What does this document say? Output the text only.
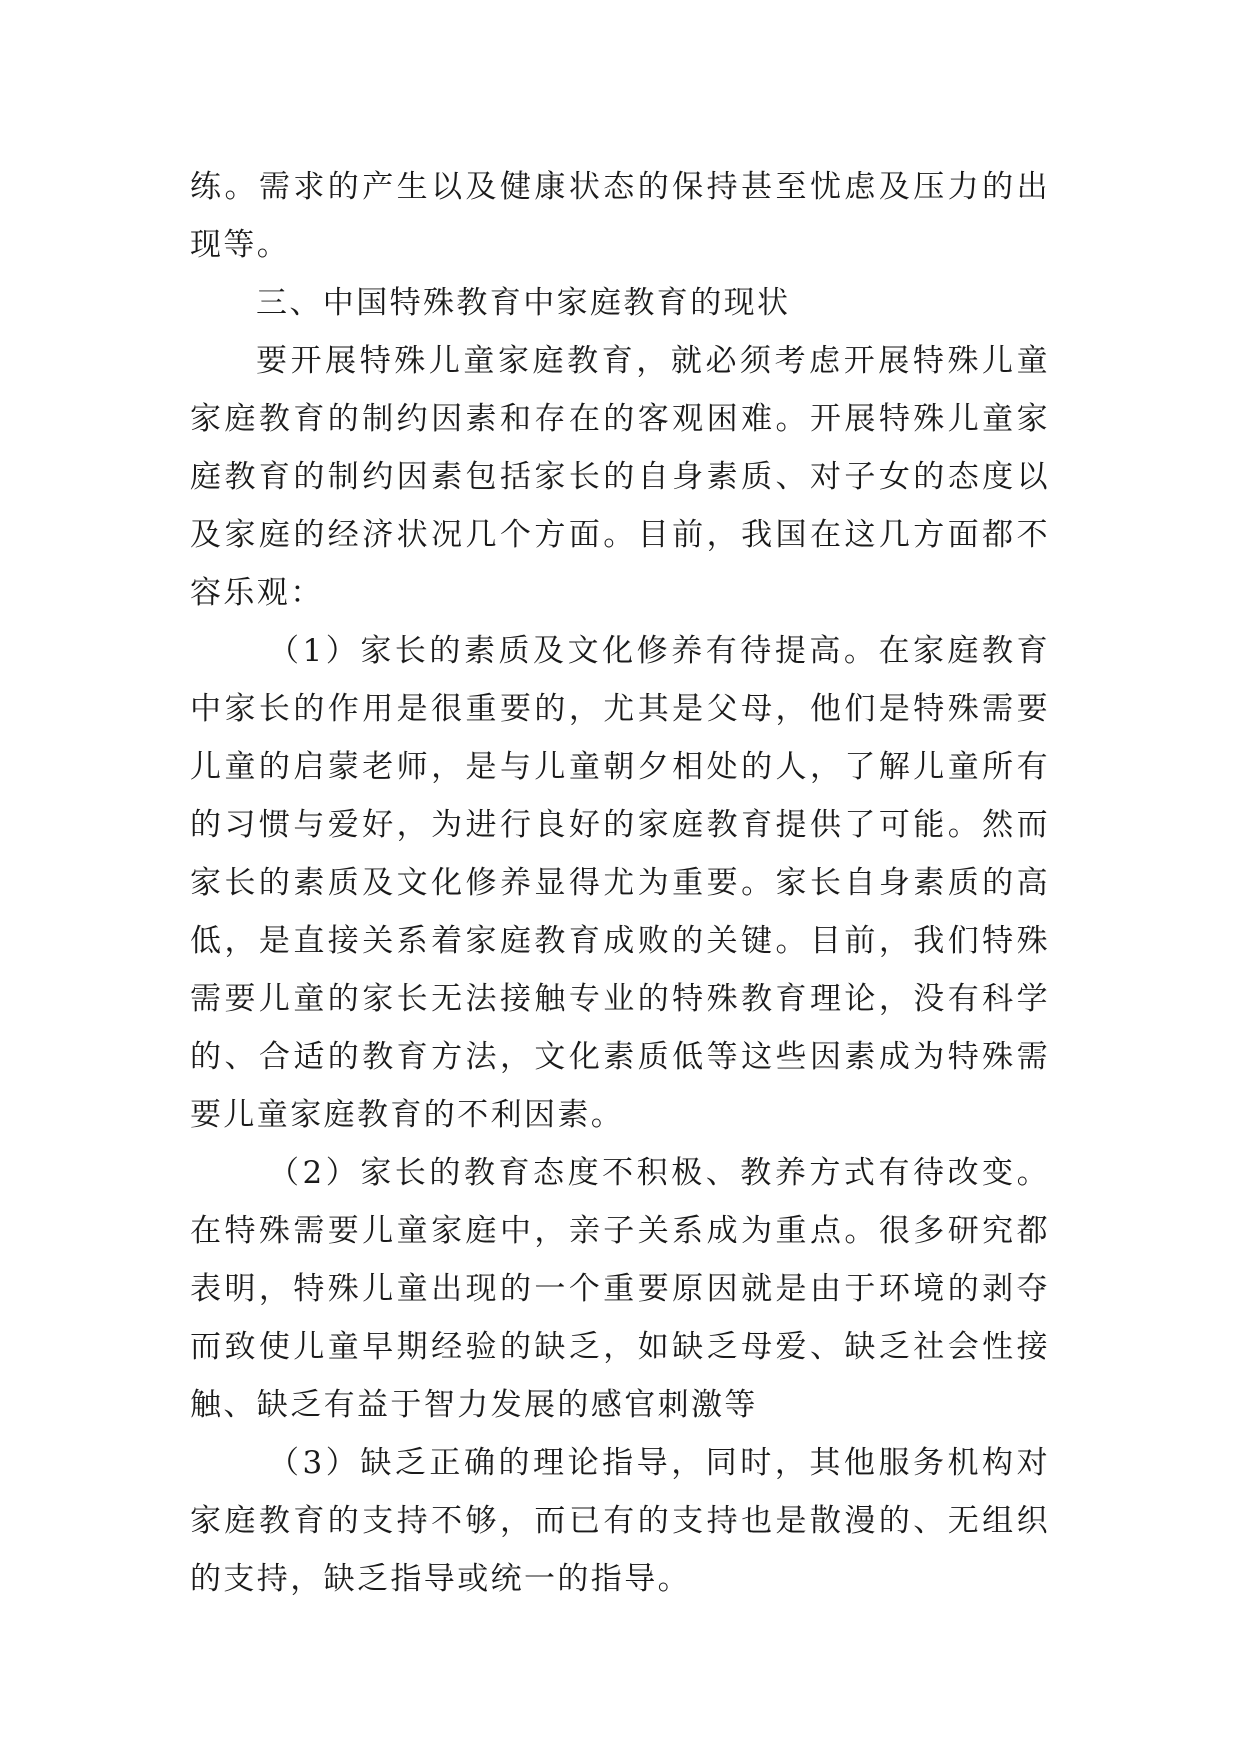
练。需求的产生以及健康状态的保持甚至忧虑及压力的出现等。

三、中国特殊教育中家庭教育的现状

要开展特殊儿童家庭教育，就必须考虑开展特殊儿童家庭教育的制约因素和存在的客观困难。开展特殊儿童家庭教育的制约因素包括家长的自身素质、对子女的态度以及家庭的经济状况几个方面。目前，我国在这几方面都不容乐观：

（1）家长的素质及文化修养有待提高。在家庭教育中家长的作用是很重要的，尤其是父母，他们是特殊需要儿童的启蒙老师，是与儿童朝夕相处的人，了解儿童所有的习惯与爱好，为进行良好的家庭教育提供了可能。然而家长的素质及文化修养显得尤为重要。家长自身素质的高低，是直接关系着家庭教育成败的关键。目前，我们特殊需要儿童的家长无法接触专业的特殊教育理论，没有科学的、合适的教育方法，文化素质低等这些因素成为特殊需要儿童家庭教育的不利因素。

（2）家长的教育态度不积极、教养方式有待改变。在特殊需要儿童家庭中，亲子关系成为重点。很多研究都表明，特殊儿童出现的一个重要原因就是由于环境的剥夺而致使儿童早期经验的缺乏，如缺乏母爱、缺乏社会性接触、缺乏有益于智力发展的感官刺激等

（3）缺乏正确的理论指导，同时，其他服务机构对家庭教育的支持不够，而已有的支持也是散漫的、无组织的支持，缺乏指导或统一的指导。
